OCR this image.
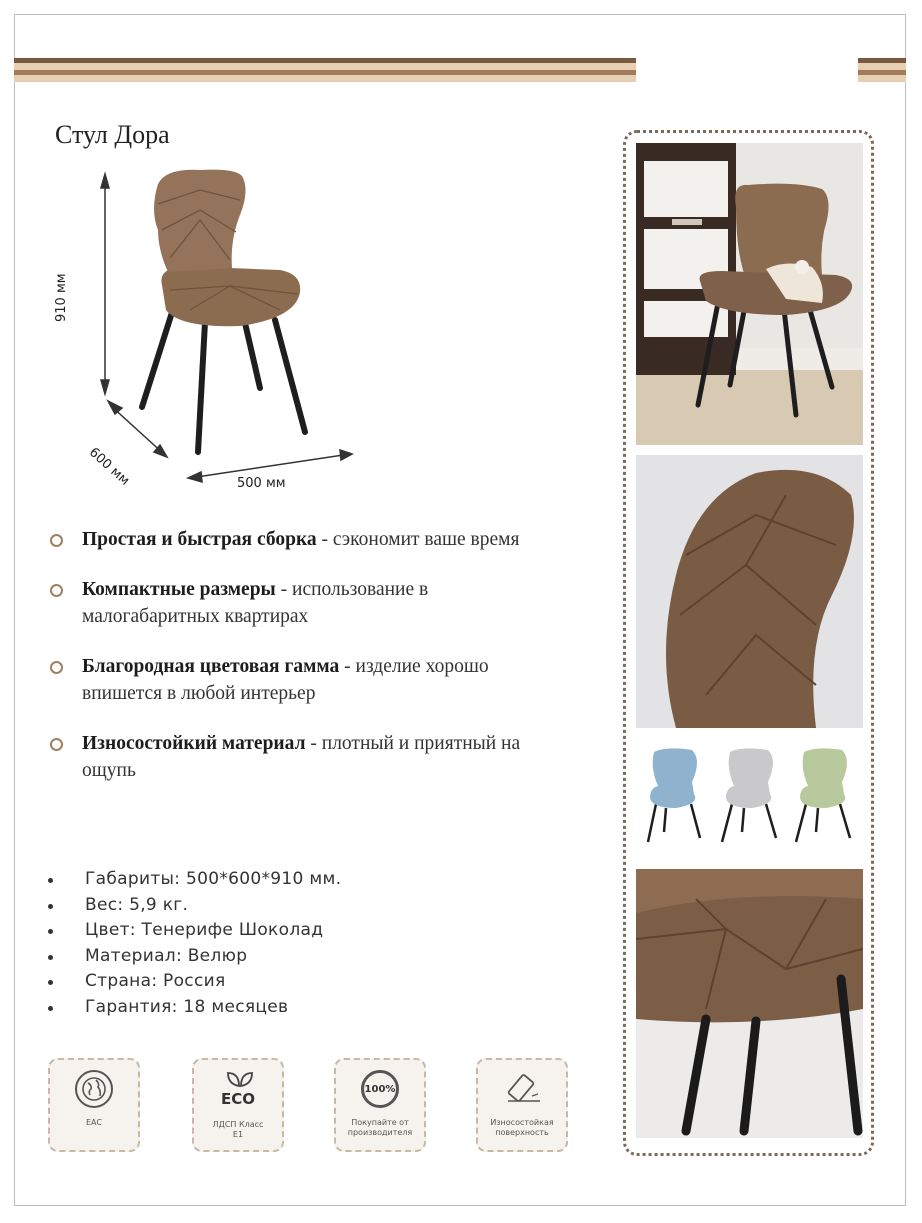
Стул Дора
910 мм
600 мм	500 мм
Простая и быстрая сборка - сэкономит ваше время
Компактные размеры - использование в малогабаритных квартирах
Благородная цветовая гамма - изделие хорошо впишется в любой интерьер
Износостойкий материал - плотный и приятный на ощупь
Габариты: 500*600*910 мм.
Вес: 5,9 кг.
Цвет: Тенерифе Шоколад
Материал: Велюр
Страна: Россия
Гарантия: 18 месяцев
EAC
ECO
ЛДСП Класс Е1
100%
Покупайте от производителя
Износостойкая поверхность
